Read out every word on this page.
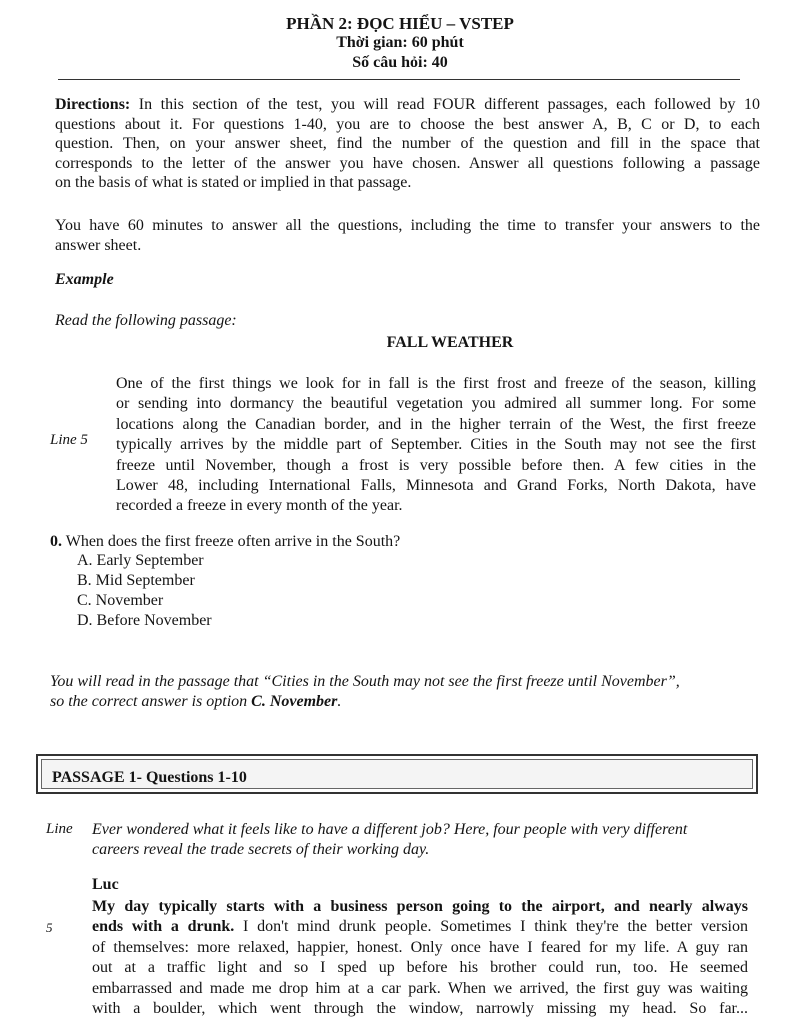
PHẦN 2: ĐỌC HIỂU – VSTEP
Thời gian: 60 phút
Số câu hỏi: 40
Directions: In this section of the test, you will read FOUR different passages, each followed by 10
questions about it. For questions 1-40, you are to choose the best answer A, B, C or D, to each
question. Then, on your answer sheet, find the number of the question and fill in the space that
corresponds to the letter of the answer you have chosen. Answer all questions following a passage
on the basis of what is stated or implied in that passage.
You have 60 minutes to answer all the questions, including the time to transfer your answers to the
answer sheet.
Example
Read the following passage:
FALL WEATHER
One of the first things we look for in fall is the first frost and freeze of the season, killing
or sending into dormancy the beautiful vegetation you admired all summer long. For some
locations along the Canadian border, and in the higher terrain of the West, the first freeze
typically arrives by the middle part of September. Cities in the South may not see the first
freeze until November, though a frost is very possible before then. A few cities in the
Lower 48, including International Falls, Minnesota and Grand Forks, North Dakota, have
recorded a freeze in every month of the year.
Line 5
0. When does the first freeze often arrive in the South?
A. Early September
B. Mid September
C. November
D. Before November
You will read in the passage that “Cities in the South may not see the first freeze until November”,
so the correct answer is option C. November.
PASSAGE 1- Questions 1-10
Line Ever wondered what it feels like to have a different job? Here, four people with very different
careers reveal the trade secrets of their working day.
Luc
5
My day typically starts with a business person going to the airport, and nearly always
ends with a drunk. I don't mind drunk people. Sometimes I think they're the better version
of themselves: more relaxed, happier, honest. Only once have I feared for my life. A guy ran
out at a traffic light and so I sped up before his brother could run, too. He seemed
embarrassed and made me drop him at a car park. When we arrived, the first guy was waiting
with a boulder, which went through the window, narrowly missing my head. So far...
